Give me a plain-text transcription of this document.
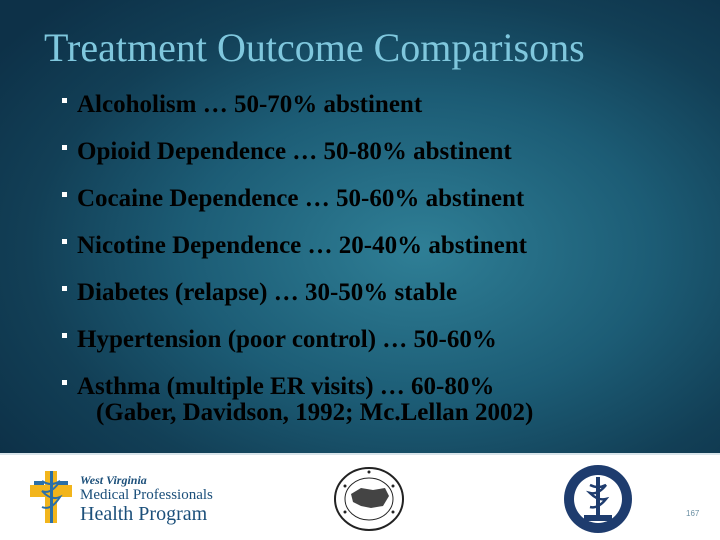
Treatment Outcome Comparisons
Alcoholism … 50-70% abstinent
Opioid Dependence … 50-80% abstinent
Cocaine Dependence … 50-60% abstinent
Nicotine Dependence … 20-40% abstinent
Diabetes (relapse) … 30-50% stable
Hypertension (poor control) … 50-60%
Asthma (multiple ER visits) … 60-80%
(Gaber, Davidson, 1992; Mc.Lellan 2002)
West Virginia
Medical Professionals
Health Program	167
